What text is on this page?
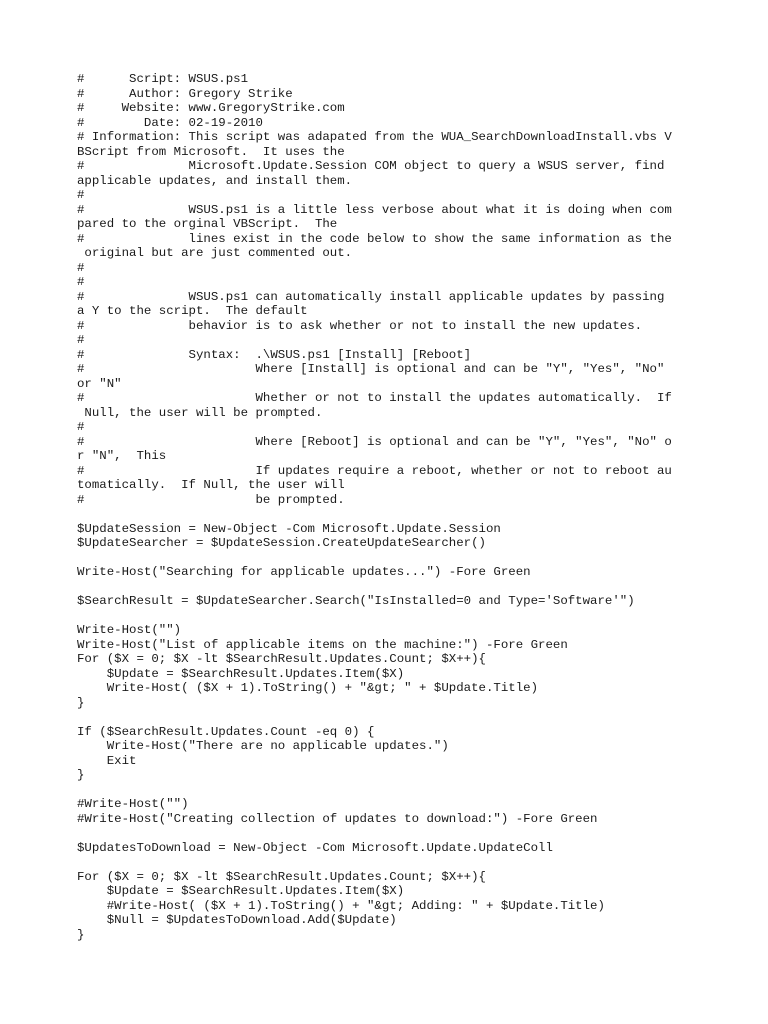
#      Script: WSUS.ps1
#      Author: Gregory Strike
#     Website: www.GregoryStrike.com
#        Date: 02-19-2010
# Information: This script was adapated from the WUA_SearchDownloadInstall.vbs V
BScript from Microsoft.  It uses the
#              Microsoft.Update.Session COM object to query a WSUS server, find
applicable updates, and install them.
#
#              WSUS.ps1 is a little less verbose about what it is doing when com
pared to the orginal VBScript.  The
#              lines exist in the code below to show the same information as the
original but are just commented out.
#
#
#              WSUS.ps1 can automatically install applicable updates by passing
a Y to the script.  The default
#              behavior is to ask whether or not to install the new updates.
#
#              Syntax:  .\WSUS.ps1 [Install] [Reboot]
#                       Where [Install] is optional and can be "Y", "Yes", "No"
or "N"
#                       Whether or not to install the updates automatically.  If
Null, the user will be prompted.
#
#                       Where [Reboot] is optional and can be "Y", "Yes", "No" o
r "N",  This
#                       If updates require a reboot, whether or not to reboot au
tomatically.  If Null, the user will
#                       be prompted.

$UpdateSession = New-Object -Com Microsoft.Update.Session
$UpdateSearcher = $UpdateSession.CreateUpdateSearcher()

Write-Host("Searching for applicable updates...") -Fore Green

$SearchResult = $UpdateSearcher.Search("IsInstalled=0 and Type='Software'")

Write-Host("")
Write-Host("List of applicable items on the machine:") -Fore Green
For ($X = 0; $X -lt $SearchResult.Updates.Count; $X++){
$Update = $SearchResult.Updates.Item($X)
Write-Host( ($X + 1).ToString() + "&gt; " + $Update.Title)
}

If ($SearchResult.Updates.Count -eq 0) {
Write-Host("There are no applicable updates.")
Exit
}

#Write-Host("")
#Write-Host("Creating collection of updates to download:") -Fore Green

$UpdatesToDownload = New-Object -Com Microsoft.Update.UpdateColl

For ($X = 0; $X -lt $SearchResult.Updates.Count; $X++){
$Update = $SearchResult.Updates.Item($X)
#Write-Host( ($X + 1).ToString() + "&gt; Adding: " + $Update.Title)
$Null = $UpdatesToDownload.Add($Update)
}
